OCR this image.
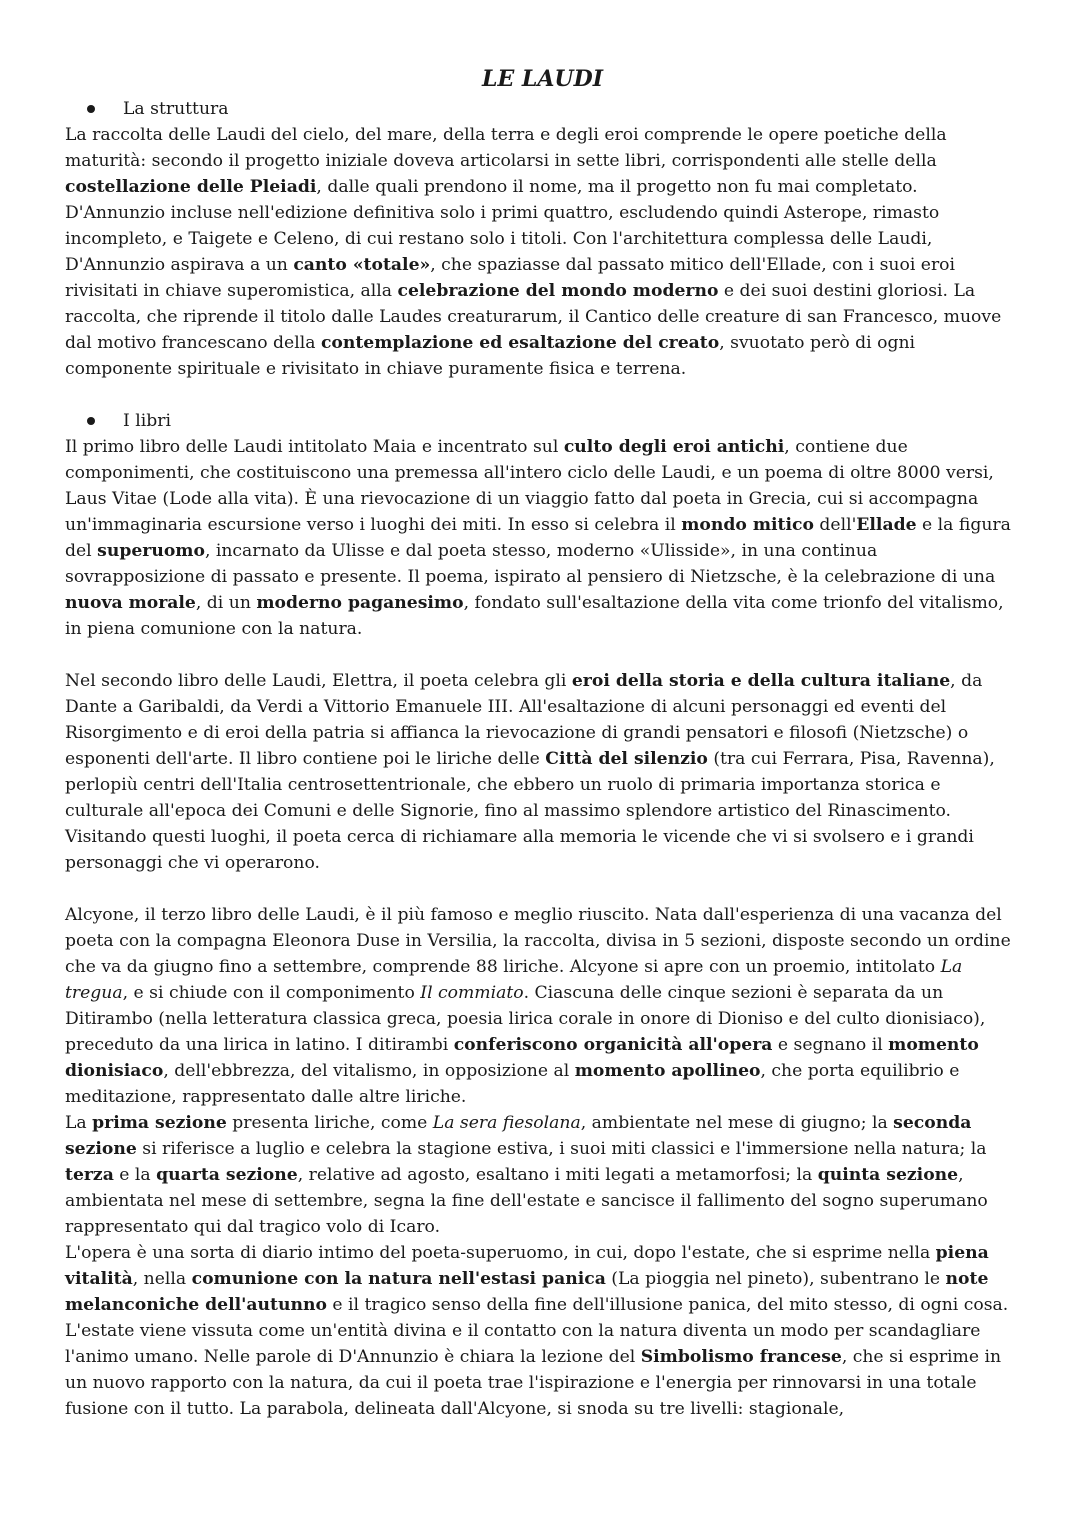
LE LAUDI
La struttura

La raccolta delle Laudi del cielo, del mare, della terra e degli eroi comprende le opere poetiche della maturità: secondo il progetto iniziale doveva articolarsi in sette libri, corrispondenti alle stelle della costellazione delle Pleiadi, dalle quali prendono il nome, ma il progetto non fu mai completato. D'Annunzio incluse nell'edizione definitiva solo i primi quattro, escludendo quindi Asterope, rimasto incompleto, e Taigete e Celeno, di cui restano solo i titoli. Con l'architettura complessa delle Laudi, D'Annunzio aspirava a un canto «totale», che spaziasse dal passato mitico dell'Ellade, con i suoi eroi rivisitati in chiave superomistica, alla celebrazione del mondo moderno e dei suoi destini gloriosi. La raccolta, che riprende il titolo dalle Laudes creaturarum, il Cantico delle creature di san Francesco, muove dal motivo francescano della contemplazione ed esaltazione del creato, svuotato però di ogni componente spirituale e rivisitato in chiave puramente fisica e terrena.

I libri

Il primo libro delle Laudi intitolato Maia e incentrato sul culto degli eroi antichi, contiene due componimenti, che costituiscono una premessa all'intero ciclo delle Laudi, e un poema di oltre 8000 versi, Laus Vitae (Lode alla vita). È una rievocazione di un viaggio fatto dal poeta in Grecia, cui si accompagna un'immaginaria escursione verso i luoghi dei miti. In esso si celebra il mondo mitico dell'Ellade e la figura del superuomo, incarnato da Ulisse e dal poeta stesso, moderno «Ulisside», in una continua sovrapposizione di passato e presente. Il poema, ispirato al pensiero di Nietzsche, è la celebrazione di una nuova morale, di un moderno paganesimo, fondato sull'esaltazione della vita come trionfo del vitalismo, in piena comunione con la natura.

Nel secondo libro delle Laudi, Elettra, il poeta celebra gli eroi della storia e della cultura italiane, da Dante a Garibaldi, da Verdi a Vittorio Emanuele III. All'esaltazione di alcuni personaggi ed eventi del Risorgimento e di eroi della patria si affianca la rievocazione di grandi pensatori e filosofi (Nietzsche) o esponenti dell'arte. Il libro contiene poi le liriche delle Città del silenzio (tra cui Ferrara, Pisa, Ravenna), perlopiù centri dell'Italia centrosettentrionale, che ebbero un ruolo di primaria importanza storica e culturale all'epoca dei Comuni e delle Signorie, fino al massimo splendore artistico del Rinascimento. Visitando questi luoghi, il poeta cerca di richiamare alla memoria le vicende che vi si svolsero e i grandi personaggi che vi operarono.

Alcyone, il terzo libro delle Laudi, è il più famoso e meglio riuscito. Nata dall'esperienza di una vacanza del poeta con la compagna Eleonora Duse in Versilia, la raccolta, divisa in 5 sezioni, disposte secondo un ordine che va da giugno fino a settembre, comprende 88 liriche. Alcyone si apre con un proemio, intitolato La tregua, e si chiude con il componimento Il commiato. Ciascuna delle cinque sezioni è separata da un Ditirambo (nella letteratura classica greca, poesia lirica corale in onore di Dioniso e del culto dionisiaco), preceduto da una lirica in latino. I ditirambi conferiscono organicità all'opera e segnano il momento dionisiaco, dell'ebbrezza, del vitalismo, in opposizione al momento apollineo, che porta equilibrio e meditazione, rappresentato dalle altre liriche.

La prima sezione presenta liriche, come La sera fiesolana, ambientate nel mese di giugno; la seconda sezione si riferisce a luglio e celebra la stagione estiva, i suoi miti classici e l'immersione nella natura; la terza e la quarta sezione, relative ad agosto, esaltano i miti legati a metamorfosi; la quinta sezione, ambientata nel mese di settembre, segna la fine dell'estate e sancisce il fallimento del sogno superumano rappresentato qui dal tragico volo di Icaro.

L'opera è una sorta di diario intimo del poeta-superuomo, in cui, dopo l'estate, che si esprime nella piena vitalità, nella comunione con la natura nell'estasi panica (La pioggia nel pineto), subentrano le note melanconiche dell'autunno e il tragico senso della fine dell'illusione panica, del mito stesso, di ogni cosa. L'estate viene vissuta come un'entità divina e il contatto con la natura diventa un modo per scandagliare l'animo umano. Nelle parole di D'Annunzio è chiara la lezione del Simbolismo francese, che si esprime in un nuovo rapporto con la natura, da cui il poeta trae l'ispirazione e l'energia per rinnovarsi in una totale fusione con il tutto. La parabola, delineata dall'Alcyone, si snoda su tre livelli: stagionale,
